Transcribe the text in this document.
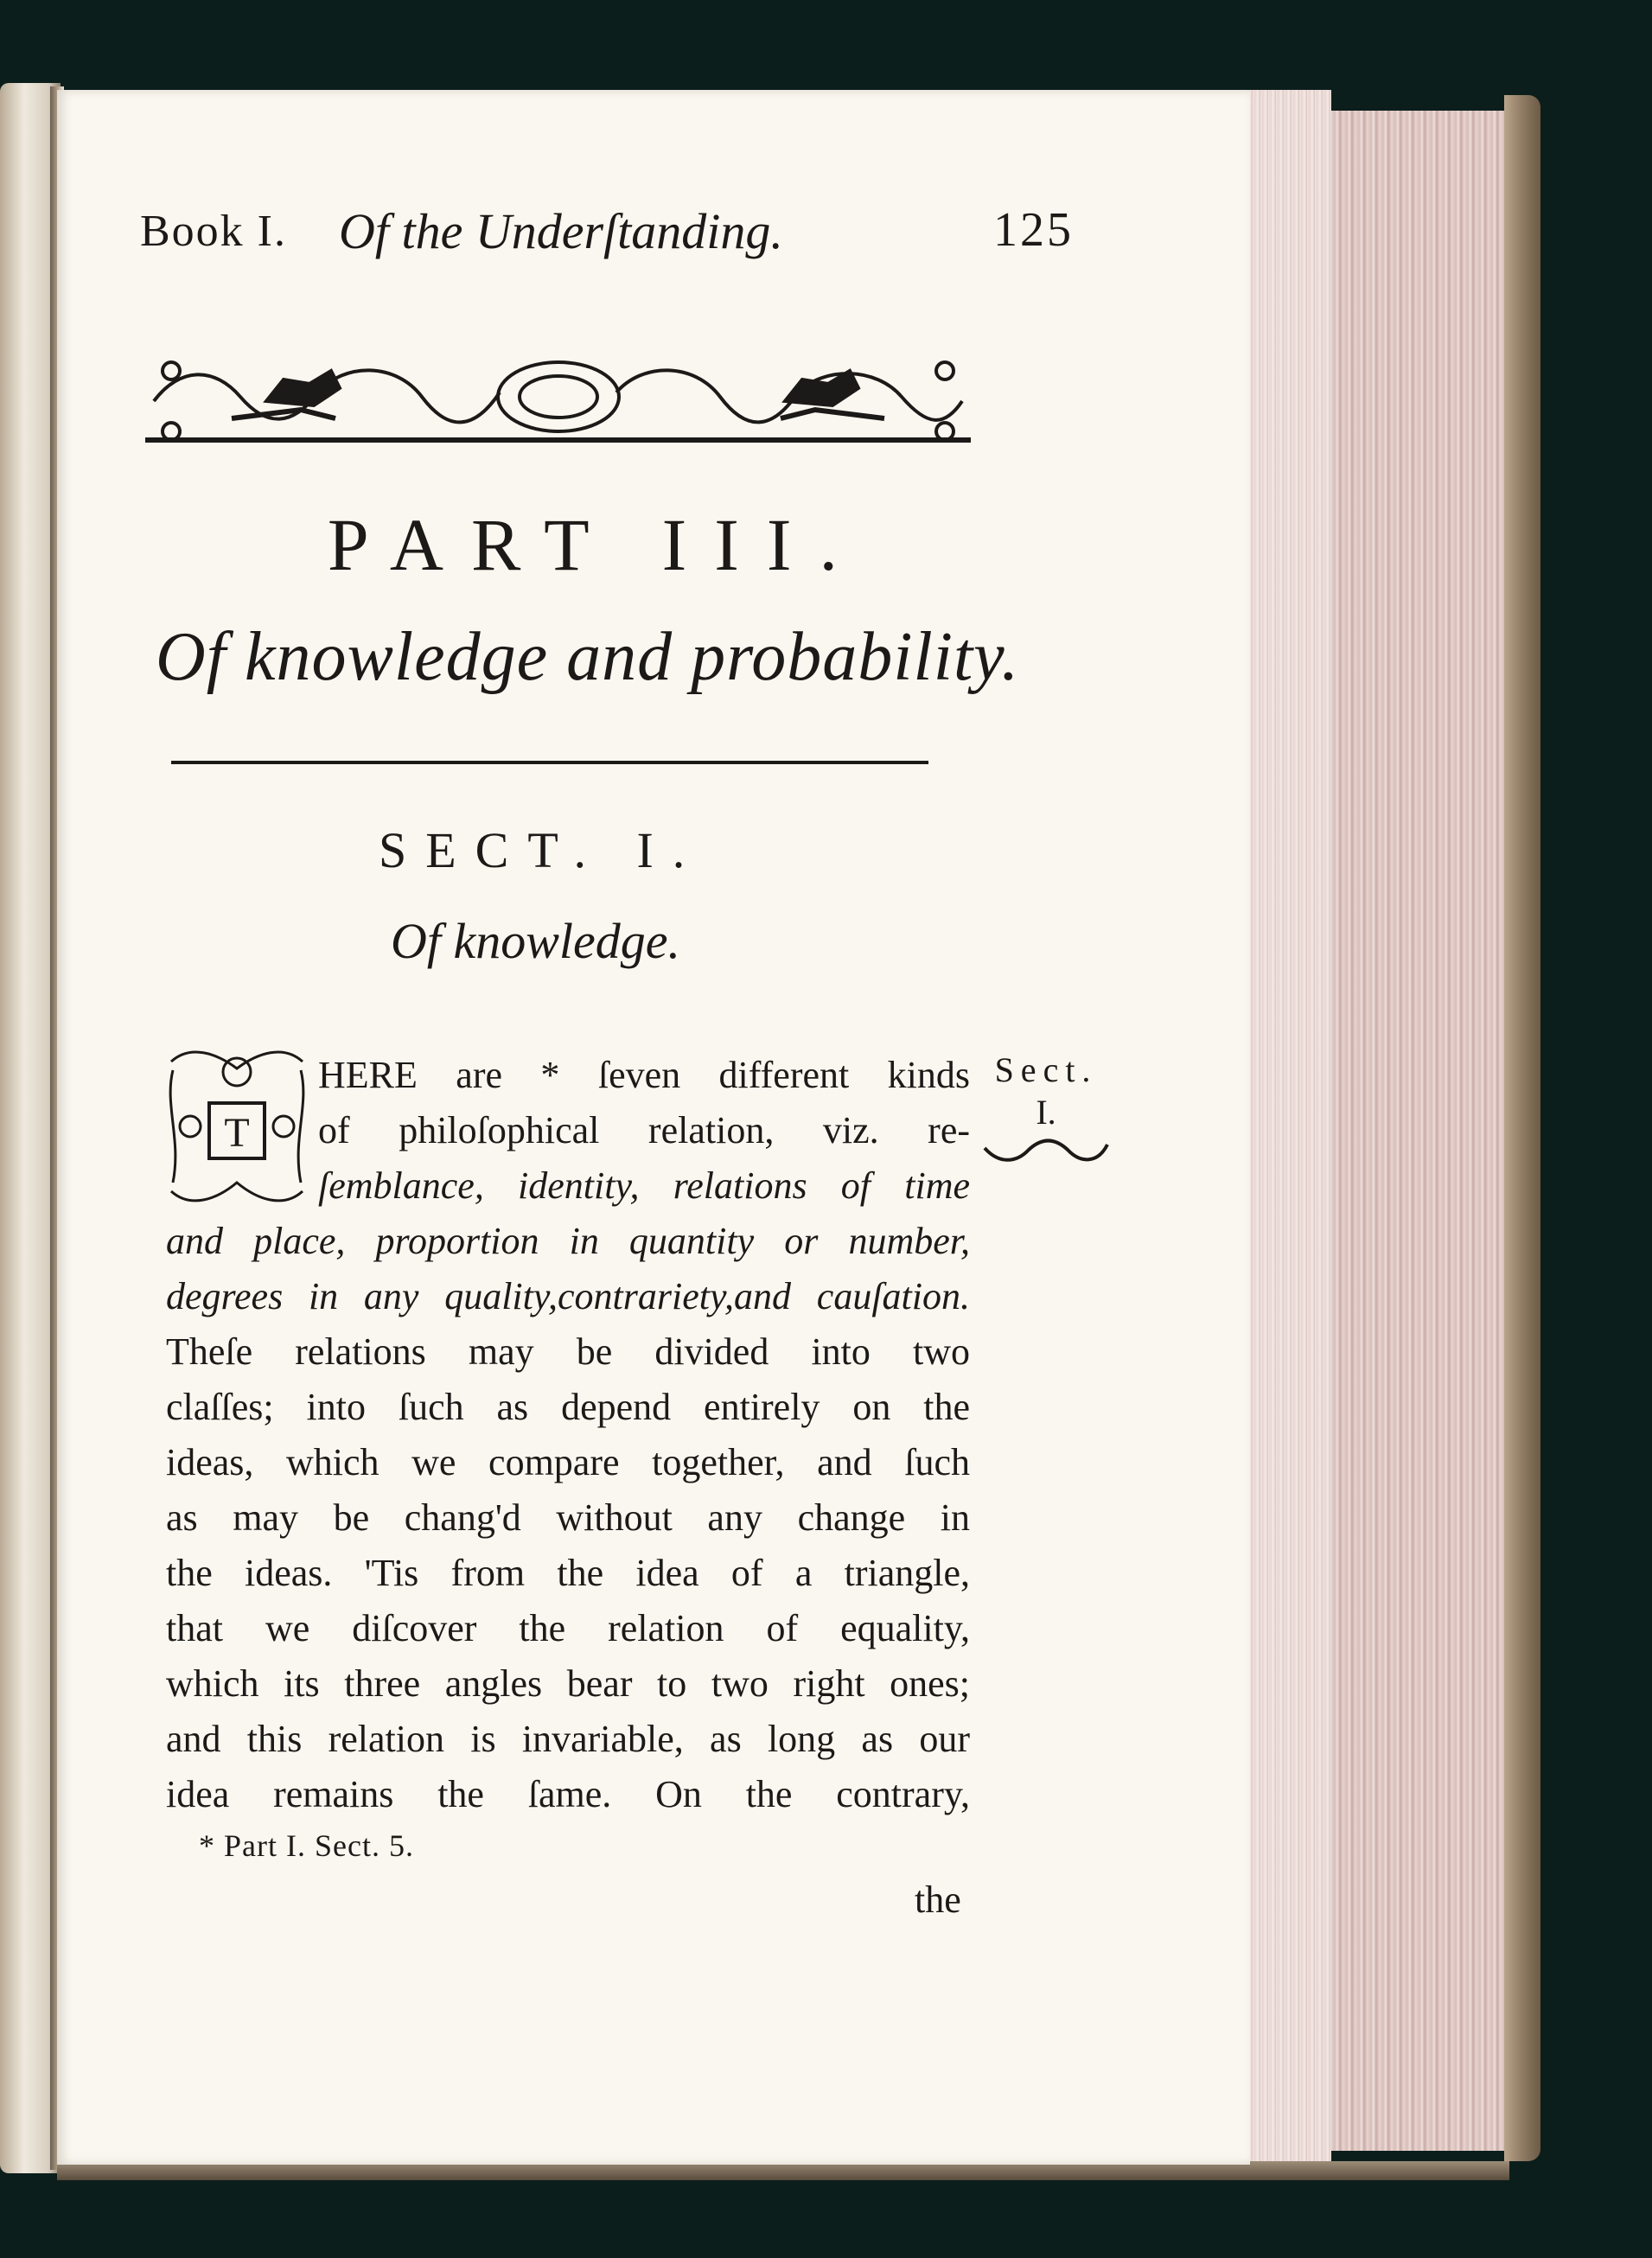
Book I. Of the Underſtanding.	125
PART III.
Of knowledge and probability.
SECT. I.
Of knowledge.
T
HERE are * ſeven different kinds
of philoſophical relation, viz. re-
ſemblance, identity, relations of time
and place, proportion in quantity or number,
degrees in any quality,contrariety,and cauſation.
Theſe relations may be divided into two
claſſes; into ſuch as depend entirely on the
ideas, which we compare together, and ſuch
as may be chang'd without any change in
the ideas. 'Tis from the idea of a triangle,
that we diſcover the relation of equality,
which its three angles bear to two right ones;
and this relation is invariable, as long as our
idea remains the ſame. On the contrary,
Sect.
I.
* Part I. Sect. 5.
the
